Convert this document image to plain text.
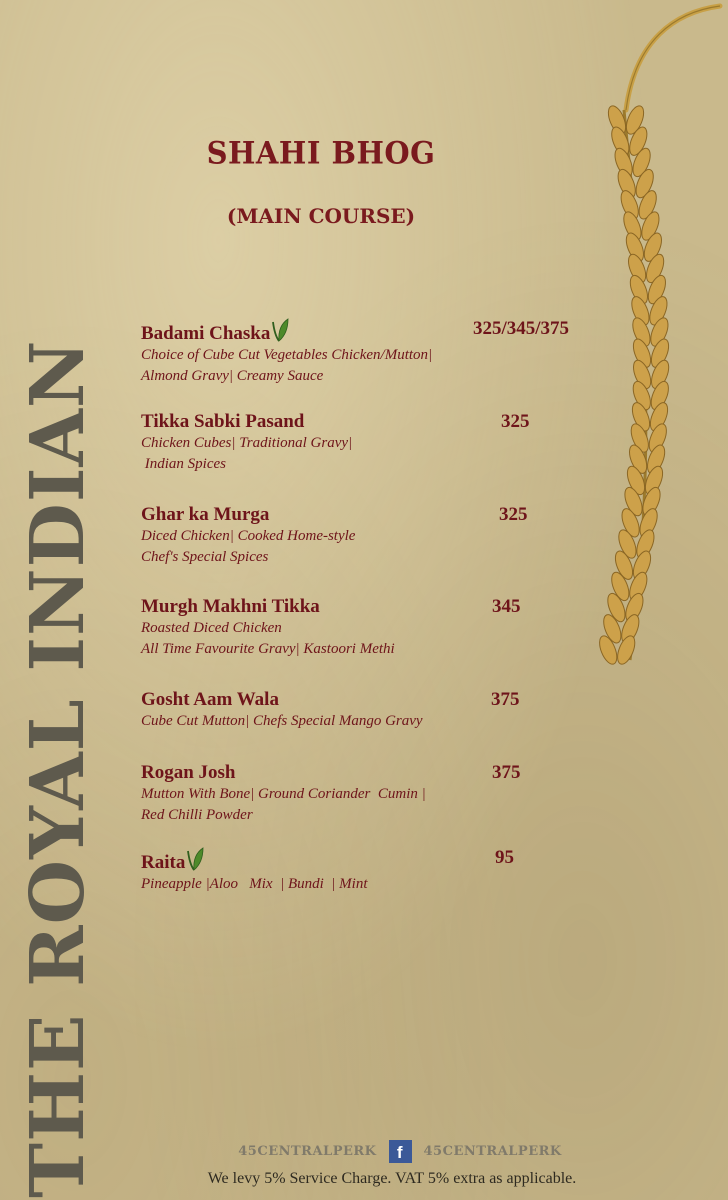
SHAHI BHOG
(MAIN COURSE)
Badami Chaska	325/345/375
Choice of Cube Cut Vegetables Chicken/Mutton|
Almond Gravy| Creamy Sauce
Tikka Sabki Pasand	325
Chicken Cubes| Traditional Gravy|
Indian Spices
Ghar ka Murga	325
Diced Chicken| Cooked Home-style
Chef's Special Spices
Murgh Makhni Tikka	345
Roasted Diced Chicken
All Time Favourite Gravy| Kastoori Methi
Gosht Aam Wala	375
Cube Cut Mutton| Chefs Special Mango Gravy
Rogan Josh	375
Mutton With Bone| Ground Coriander  Cumin |
Red Chilli Powder
Raita	95
Pineapple |Aloo   Mix  | Bundi  | Mint
THE ROYAL INDIAN	45CENTRALPERK f 45CENTRALPERK
We levy 5% Service Charge. VAT 5% extra as applicable.
